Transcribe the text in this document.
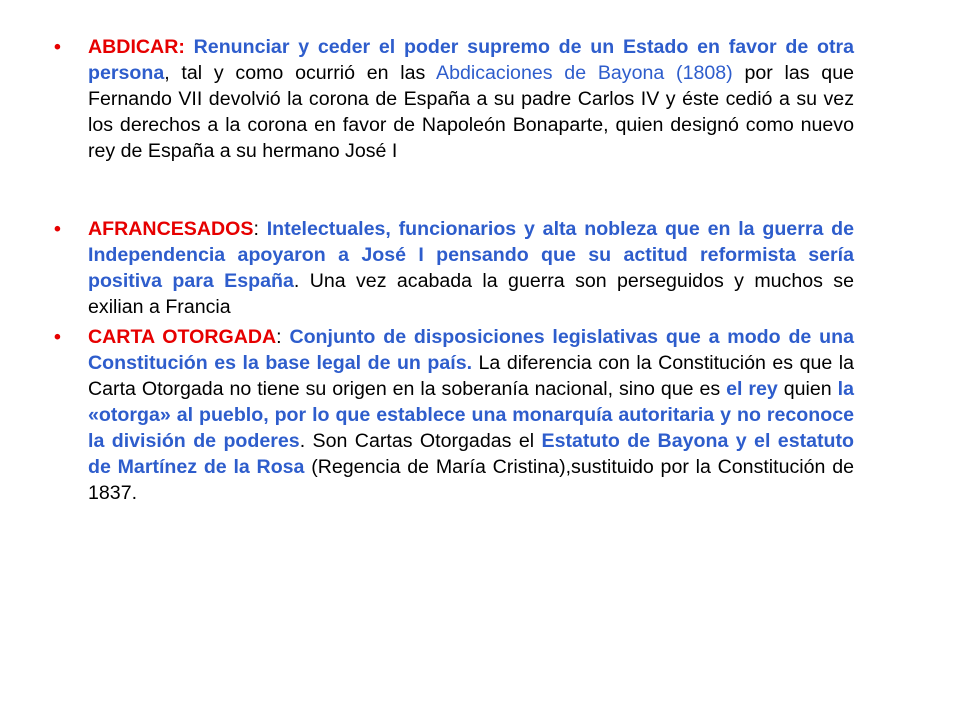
• ABDICAR: Renunciar y ceder el poder supremo de un Estado en favor de otra persona, tal y como ocurrió en las Abdicaciones de Bayona (1808) por las que Fernando VII devolvió la corona de España a su padre Carlos IV y éste cedió a su vez los derechos a la corona en favor de Napoleón Bonaparte, quien designó como nuevo rey de España a su hermano José I
• AFRANCESADOS: Intelectuales, funcionarios y alta nobleza que en la guerra de Independencia apoyaron a José I pensando que su actitud reformista sería positiva para España. Una vez acabada la guerra son perseguidos y muchos se exilian a Francia
• CARTA OTORGADA: Conjunto de disposiciones legislativas que a modo de una Constitución es la base legal de un país. La diferencia con la Constitución es que la Carta Otorgada no tiene su origen en la soberanía nacional, sino que es el rey quien la «otorga» al pueblo, por lo que establece una monarquía autoritaria y no reconoce la división de poderes. Son Cartas Otorgadas el Estatuto de Bayona y el estatuto de Martínez de la Rosa (Regencia de María Cristina),sustituido por la Constitución de 1837.
